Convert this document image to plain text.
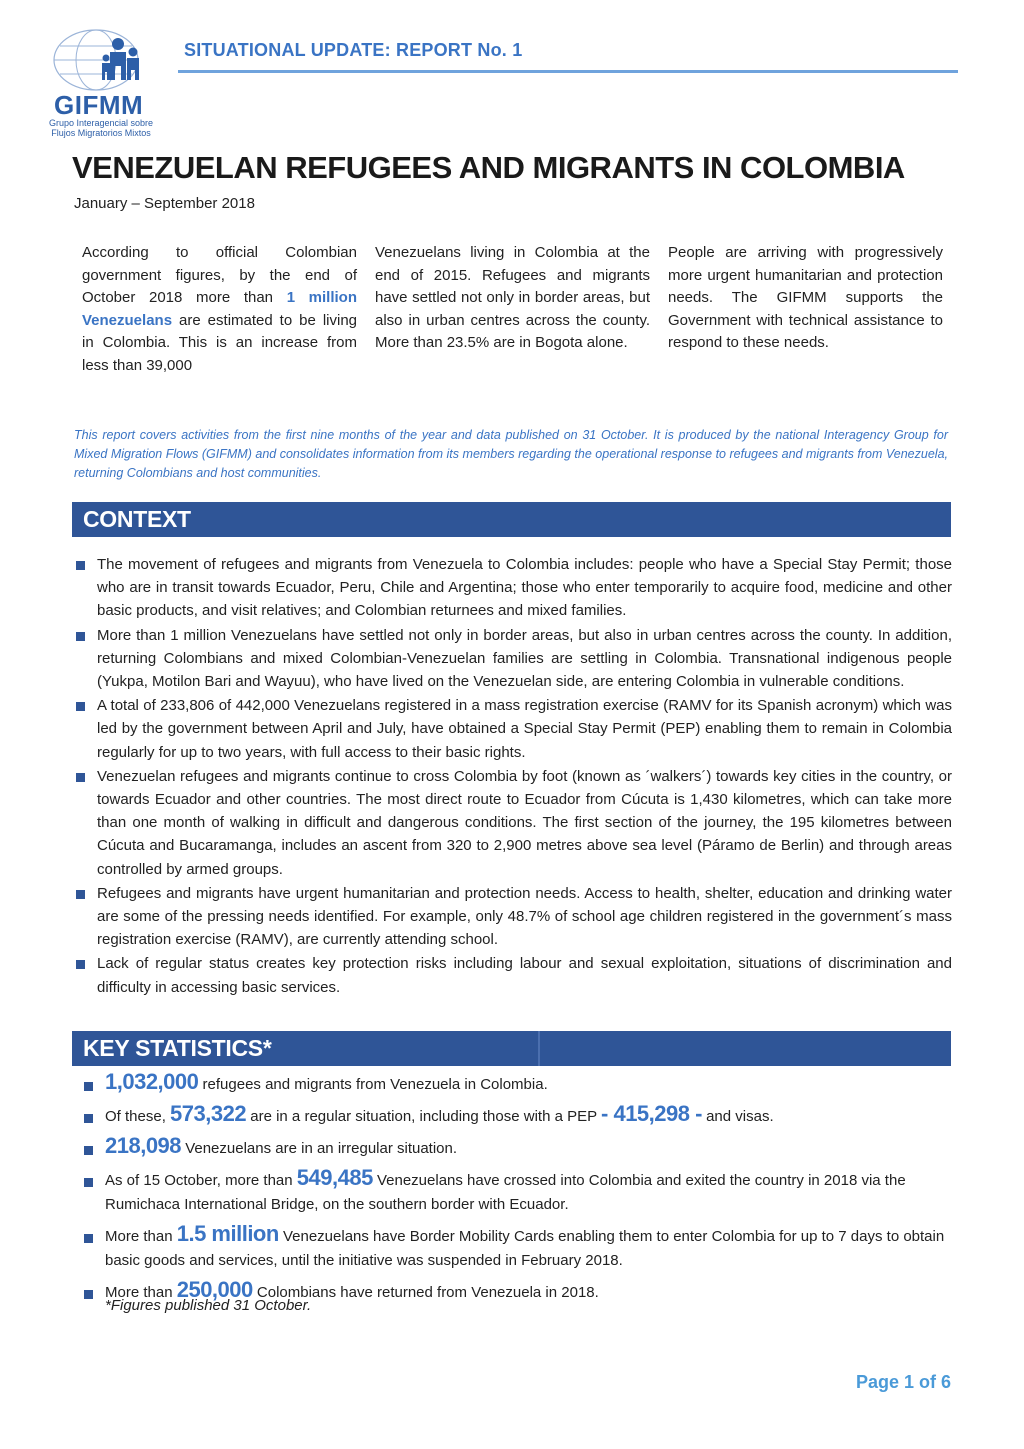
GIFMM
Grupo Interagencial sobre Flujos Migratorios Mixtos
SITUATIONAL UPDATE: REPORT No. 1
VENEZUELAN REFUGEES AND MIGRANTS IN COLOMBIA
January – September 2018
According to official Colombian government figures, by the end of October 2018 more than 1 million Venezuelans are estimated to be living in Colombia. This is an increase from less than 39,000
Venezuelans living in Colombia at the end of 2015. Refugees and migrants have settled not only in border areas, but also in urban centres across the county. More than 23.5% are in Bogota alone.
People are arriving with progressively more urgent humanitarian and protection needs. The GIFMM supports the Government with technical assistance to respond to these needs.
This report covers activities from the first nine months of the year and data published on 31 October. It is produced by the national Interagency Group for Mixed Migration Flows (GIFMM) and consolidates information from its members regarding the operational response to refugees and migrants from Venezuela, returning Colombians and host communities.
CONTEXT
The movement of refugees and migrants from Venezuela to Colombia includes: people who have a Special Stay Permit; those who are in transit towards Ecuador, Peru, Chile and Argentina; those who enter temporarily to acquire food, medicine and other basic products, and visit relatives; and Colombian returnees and mixed families.
More than 1 million Venezuelans have settled not only in border areas, but also in urban centres across the county. In addition, returning Colombians and mixed Colombian-Venezuelan families are settling in Colombia. Transnational indigenous people (Yukpa, Motilon Bari and Wayuu), who have lived on the Venezuelan side, are entering Colombia in vulnerable conditions.
A total of 233,806 of 442,000 Venezuelans registered in a mass registration exercise (RAMV for its Spanish acronym) which was led by the government between April and July, have obtained a Special Stay Permit (PEP) enabling them to remain in Colombia regularly for up to two years, with full access to their basic rights.
Venezuelan refugees and migrants continue to cross Colombia by foot (known as ´walkers´) towards key cities in the country, or towards Ecuador and other countries. The most direct route to Ecuador from Cúcuta is 1,430 kilometres, which can take more than one month of walking in difficult and dangerous conditions. The first section of the journey, the 195 kilometres between Cúcuta and Bucaramanga, includes an ascent from 320 to 2,900 metres above sea level (Páramo de Berlin) and through areas controlled by armed groups.
Refugees and migrants have urgent humanitarian and protection needs. Access to health, shelter, education and drinking water are some of the pressing needs identified. For example, only 48.7% of school age children registered in the government´s mass registration exercise (RAMV), are currently attending school.
Lack of regular status creates key protection risks including labour and sexual exploitation, situations of discrimination and difficulty in accessing basic services.
KEY STATISTICS*
1,032,000 refugees and migrants from Venezuela in Colombia.
Of these, 573,322 are in a regular situation, including those with a PEP - 415,298 - and visas.
218,098 Venezuelans are in an irregular situation.
As of 15 October, more than 549,485 Venezuelans have crossed into Colombia and exited the country in 2018 via the Rumichaca International Bridge, on the southern border with Ecuador.
More than 1.5 million Venezuelans have Border Mobility Cards enabling them to enter Colombia for up to 7 days to obtain basic goods and services, until the initiative was suspended in February 2018.
More than 250,000 Colombians have returned from Venezuela in 2018.
*Figures published 31 October.
Page 1 of 6
